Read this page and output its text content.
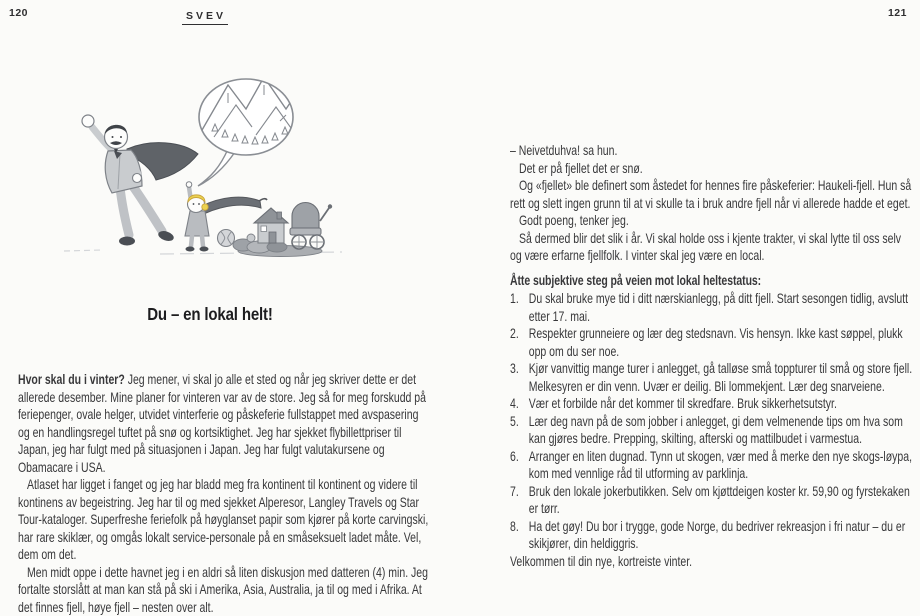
120	SVEV	121
Du – en lokal helt!

Hvor skal du i vinter? Jeg mener, vi skal jo alle et sted og når jeg skriver dette er det allerede desember. Mine planer for vinteren var av de store. Jeg så for meg forskudd på feriepenger, ovale helger, utvidet vinterferie og påskeferie fullstappet med avspasering og en handlingsregel tuftet på snø og kortsiktighet. Jeg har sjekket flybillettpriser til Japan, jeg har fulgt med på situasjonen i Japan. Jeg har fulgt valutakursene og Obamacare i USA.

Atlaset har ligget i fanget og jeg har bladd meg fra kontinent til kontinent og videre til kontinens av begeistring. Jeg har til og med sjekket Alperesor, Langley Travels og Star Tour-kataloger. Superfreshe feriefolk på høyglanset papir som kjører på korte carvingski, har rare skiklær, og omgås lokalt service-personale på en småseksuelt ladet måte. Vel, dem om det.

Men midt oppe i dette havnet jeg i en aldri så liten diskusjon med datteren (4) min. Jeg fortalte storslått at man kan stå på ski i Amerika, Asia, Australia, ja til og med i Afrika. At det finnes fjell, høye fjell – nesten over alt.

– Neivetduhva! sa hun.

Det er på fjellet det er snø.

Og «fjellet» ble definert som åstedet for hennes fire påskeferier: Haukeli-fjell. Hun så rett og slett ingen grunn til at vi skulle ta i bruk andre fjell når vi allerede hadde et eget.

Godt poeng, tenker jeg.

Så dermed blir det slik i år. Vi skal holde oss i kjente trakter, vi skal lytte til oss selv og være erfarne fjellfolk. I vinter skal jeg være en local.

Åtte subjektive steg på veien mot lokal heltestatus:
1. Du skal bruke mye tid i ditt nærskianlegg, på ditt fjell. Start sesongen tidlig, avslutt etter 17. mai.
2. Respekter grunneiere og lær deg stedsnavn. Vis hensyn. Ikke kast søppel, plukk opp om du ser noe.
3. Kjør vanvittig mange turer i anlegget, gå talløse små toppturer til små og store fjell. Melkesyren er din venn. Uvær er deilig. Bli lommekjent. Lær deg snarveiene.
4. Vær et forbilde når det kommer til skredfare. Bruk sikkerhetsutstyr.
5. Lær deg navn på de som jobber i anlegget, gi dem velmenende tips om hva som kan gjøres bedre. Prepping, skilting, afterski og mattilbudet i varmestua.
6. Arranger en liten dugnad. Tynn ut skogen, vær med å merke den nye skogs-løypa, kom med vennlige råd til utforming av parklinja.
7. Bruk den lokale jokerbutikken. Selv om kjøttdeigen koster kr. 59,90 og fyrstekaken er tørr.
8. Ha det gøy! Du bor i trygge, gode Norge, du bedriver rekreasjon i fri natur – du er skikjører, din heldiggris.

Velkommen til din nye, kortreiste vinter.
